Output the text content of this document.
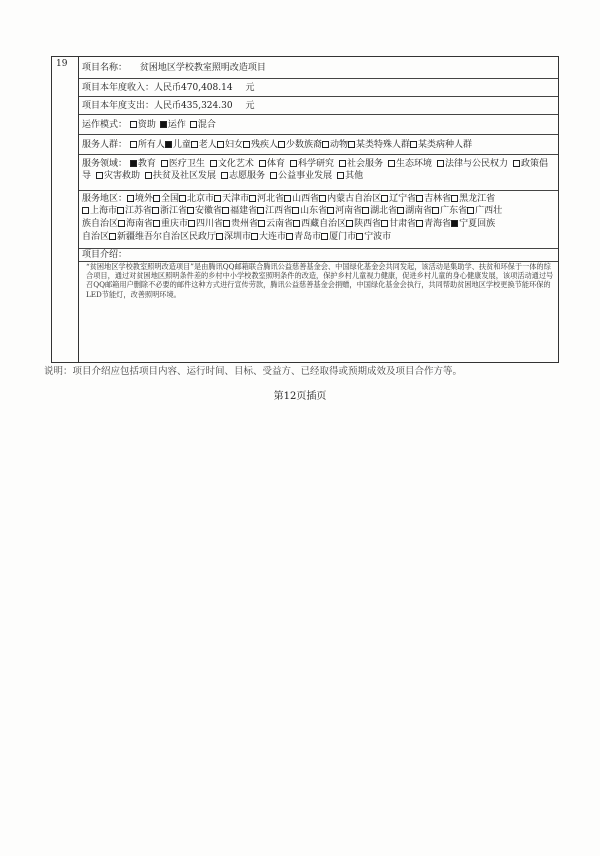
19	项目名称： 贫困地区学校教室照明改造项目
项目本年度收入：人民币470,408.14 元
项目本年度支出：人民币435,324.30 元
运作模式： 资助 运作 混合
服务人群： 所有人 儿童 老人 妇女 残疾人 少数族裔 动物 某类特殊人群 某类病种人群
服务领域： 教育 医疗卫生 文化艺术 体育 科学研究 社会服务 生态环境 法律与公民权力 政策倡导 灾害救助 扶贫及社区发展 志愿服务 公益事业发展 其他
服务地区： 境外 全国 北京市 天津市 河北省 山西省 内蒙古自治区 辽宁省 吉林省 黑龙江省
上海市 江苏省 浙江省 安徽省 福建省 江西省 山东省 河南省 湖北省 湖南省 广东省 广西壮
族自治区 海南省 重庆市 四川省 贵州省 云南省 西藏自治区 陕西省 甘肃省 青海省 宁夏回族
自治区 新疆维吾尔自治区民政厅 深圳市 大连市 青岛市 厦门市 宁波市
项目介绍：
“贫困地区学校教室照明改造项目”是由腾讯QQ邮箱联合腾讯公益慈善基金会、中国绿化基金会共同发起，该活动是集助学、扶贫和环保于一体的综合项目，通过对贫困地区照明条件差的乡村中小学校教室照明条件的改造，保护乡村儿童视力健康，促进乡村儿童的身心健康发展，该项活动通过号召QQ邮箱用户删除不必要的邮件这种方式进行宣传劳款，腾讯公益慈善基金会捐赠，中国绿化基金会执行，共同帮助贫困地区学校更换节能环保的LED节能灯，改善照明环境。
说明：项目介绍应包括项目内容、运行时间、目标、受益方、已经取得或预期成效及项目合作方等。
第12页插页
